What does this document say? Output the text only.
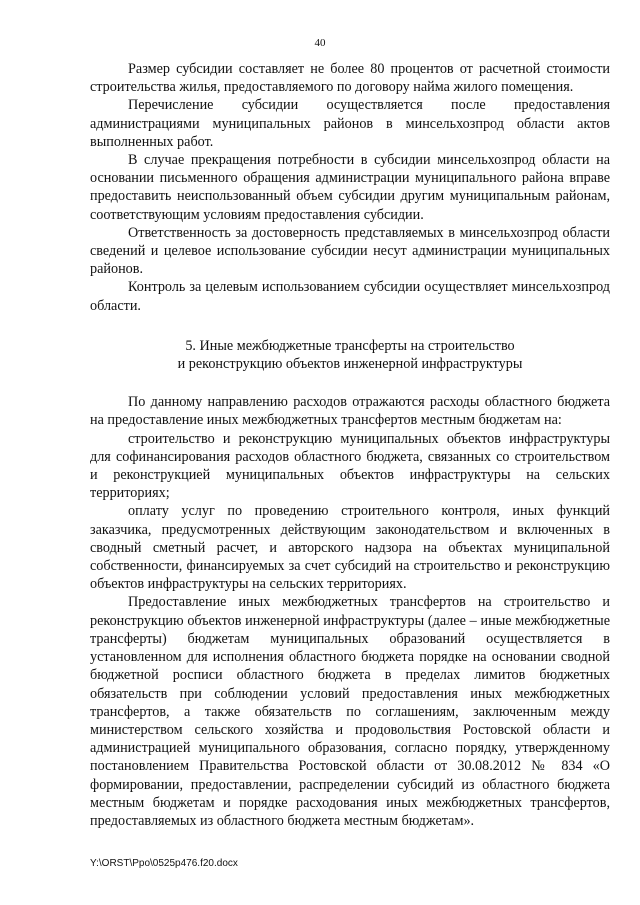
40

Размер субсидии составляет не более 80 процентов от расчетной стоимости строительства жилья, предоставляемого по договору найма жилого помещения.

Перечисление субсидии осуществляется после предоставления администрациями муниципальных районов в минсельхозпрод области актов выполненных работ.

В случае прекращения потребности в субсидии минсельхозпрод области на основании письменного обращения администрации муниципального района вправе предоставить неиспользованный объем субсидии другим муниципальным районам, соответствующим условиям предоставления субсидии.

Ответственность за достоверность представляемых в минсельхозпрод области сведений и целевое использование субсидии несут администрации муниципальных районов.

Контроль за целевым использованием субсидии осуществляет минсельхозпрод области.

5. Иные межбюджетные трансферты на строительство
и реконструкцию объектов инженерной инфраструктуры

По данному направлению расходов отражаются расходы областного бюджета на предоставление иных межбюджетных трансфертов местным бюджетам на:

строительство и реконструкцию муниципальных объектов инфраструктуры для софинансирования расходов областного бюджета, связанных со строительством и реконструкцией муниципальных объектов инфраструктуры на сельских территориях;

оплату услуг по проведению строительного контроля, иных функций заказчика, предусмотренных действующим законодательством и включенных в сводный сметный расчет, и авторского надзора на объектах муниципальной собственности, финансируемых за счет субсидий на строительство и реконструкцию объектов инфраструктуры на сельских территориях.

Предоставление иных межбюджетных трансфертов на строительство и реконструкцию объектов инженерной инфраструктуры (далее – иные межбюджетные трансферты) бюджетам муниципальных образований осуществляется в установленном для исполнения областного бюджета порядке на основании сводной бюджетной росписи областного бюджета в пределах лимитов бюджетных обязательств при соблюдении условий предоставления иных межбюджетных трансфертов, а также обязательств по соглашениям, заключенным между министерством сельского хозяйства и продовольствия Ростовской области и администрацией муниципального образования, согласно порядку, утвержденному постановлением Правительства Ростовской области от 30.08.2012 № 834 «О формировании, предоставлении, распределении субсидий из областного бюджета местным бюджетам и порядке расходования иных межбюджетных трансфертов, предоставляемых из областного бюджета местным бюджетам».

Y:\ORST\Ppo\0525p476.f20.docx
